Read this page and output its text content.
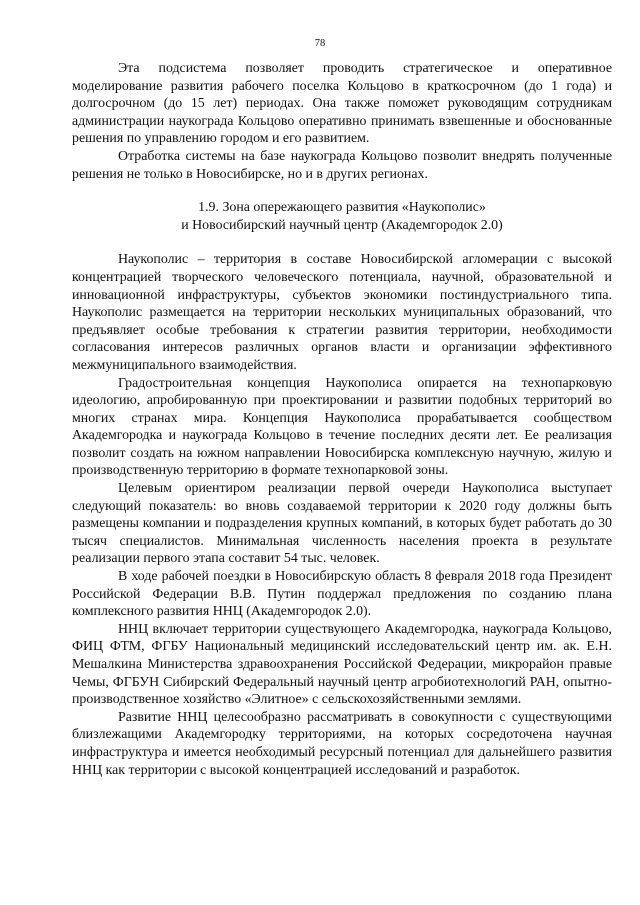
78

Эта подсистема позволяет проводить стратегическое и оперативное моделирование развития рабочего поселка Кольцово в краткосрочном (до 1 года) и долгосрочном (до 15 лет) периодах. Она также поможет руководящим сотрудникам администрации наукограда Кольцово оперативно принимать взвешенные и обоснованные решения по управлению городом и его развитием.

Отработка системы на базе наукограда Кольцово позволит внедрять полученные решения не только в Новосибирске, но и в других регионах.

1.9. Зона опережающего развития «Наукополис»
и Новосибирский научный центр (Академгородок 2.0)

Наукополис – территория в составе Новосибирской агломерации с высокой концентрацией творческого человеческого потенциала, научной, образовательной и инновационной инфраструктуры, субъектов экономики постиндустриального типа. Наукополис размещается на территории нескольких муниципальных образований, что предъявляет особые требования к стратегии развития территории, необходимости согласования интересов различных органов власти и организации эффективного межмуниципального взаимодействия.

Градостроительная концепция Наукополиса опирается на технопарковую идеологию, апробированную при проектировании и развитии подобных территорий во многих странах мира. Концепция Наукополиса прорабатывается сообществом Академгородка и наукограда Кольцово в течение последних десяти лет. Ее реализация позволит создать на южном направлении Новосибирска комплексную научную, жилую и производственную территорию в формате технопарковой зоны.

Целевым ориентиром реализации первой очереди Наукополиса выступает следующий показатель: во вновь создаваемой территории к 2020 году должны быть размещены компании и подразделения крупных компаний, в которых будет работать до 30 тысяч специалистов. Минимальная численность населения проекта в результате реализации первого этапа составит 54 тыс. человек.

В ходе рабочей поездки в Новосибирскую область 8 февраля 2018 года Президент Российской Федерации В.В. Путин поддержал предложения по созданию плана комплексного развития ННЦ (Академгородок 2.0).

ННЦ включает территории существующего Академгородка, наукограда Кольцово, ФИЦ ФТМ, ФГБУ Национальный медицинский исследовательский центр им. ак. Е.Н. Мешалкина Министерства здравоохранения Российской Федерации, микрорайон правые Чемы, ФГБУН Сибирский Федеральный научный центр агробиотехнологий РАН, опытно-производственное хозяйство «Элитное» с сельскохозяйственными землями.

Развитие ННЦ целесообразно рассматривать в совокупности с существующими близлежащими Академгородку территориями, на которых сосредоточена научная инфраструктура и имеется необходимый ресурсный потенциал для дальнейшего развития ННЦ как территории с высокой концентрацией исследований и разработок.
